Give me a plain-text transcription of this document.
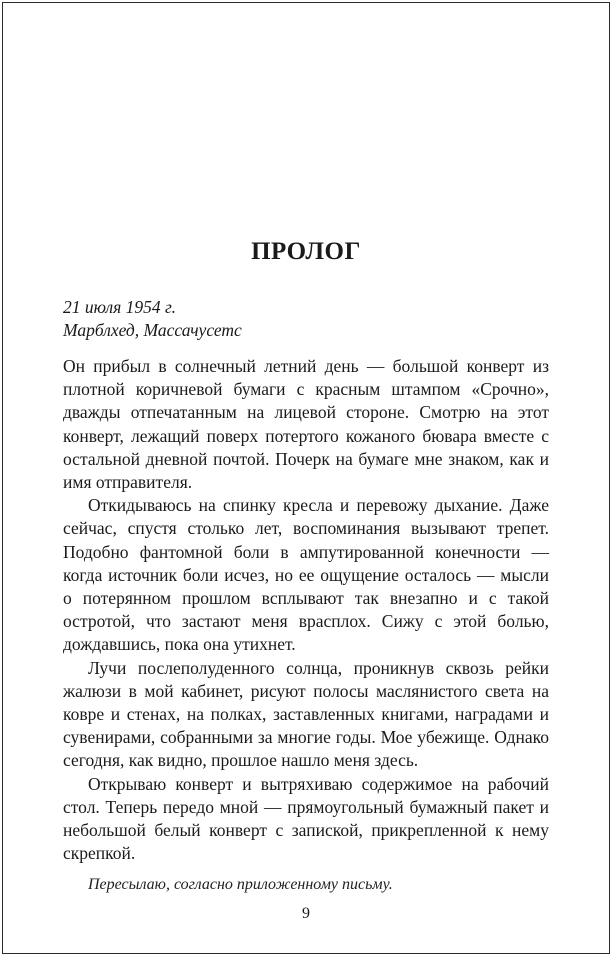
ПРОЛОГ
21 июля 1954 г.
Марблхед, Массачусетс

Он прибыл в солнечный летний день — большой конверт из плотной коричневой бумаги с красным штампом «Срочно», дважды отпечатанным на лицевой стороне. Смотрю на этот конверт, лежащий поверх потертого кожаного бювара вместе с остальной дневной почтой. Почерк на бумаге мне знаком, как и имя отправителя.

Откидываюсь на спинку кресла и перевожу дыхание. Даже сейчас, спустя столько лет, воспоминания вызывают трепет. Подобно фантомной боли в ампутированной конечности — когда источник боли исчез, но ее ощущение осталось — мысли о потерянном прошлом всплывают так внезапно и с такой остротой, что застают меня врасплох. Сижу с этой болью, дождавшись, пока она утихнет.

Лучи послеполуденного солнца, проникнув сквозь рейки жалюзи в мой кабинет, рисуют полосы маслянистого света на ковре и стенах, на полках, заставленных книгами, наградами и сувенирами, собранными за многие годы. Мое убежище. Однако сегодня, как видно, прошлое нашло меня здесь.

Открываю конверт и вытряхиваю содержимое на рабочий стол. Теперь передо мной — прямоугольный бумажный пакет и небольшой белый конверт с запиской, прикрепленной к нему скрепкой.

Пересылаю, согласно приложенному письму.
9
